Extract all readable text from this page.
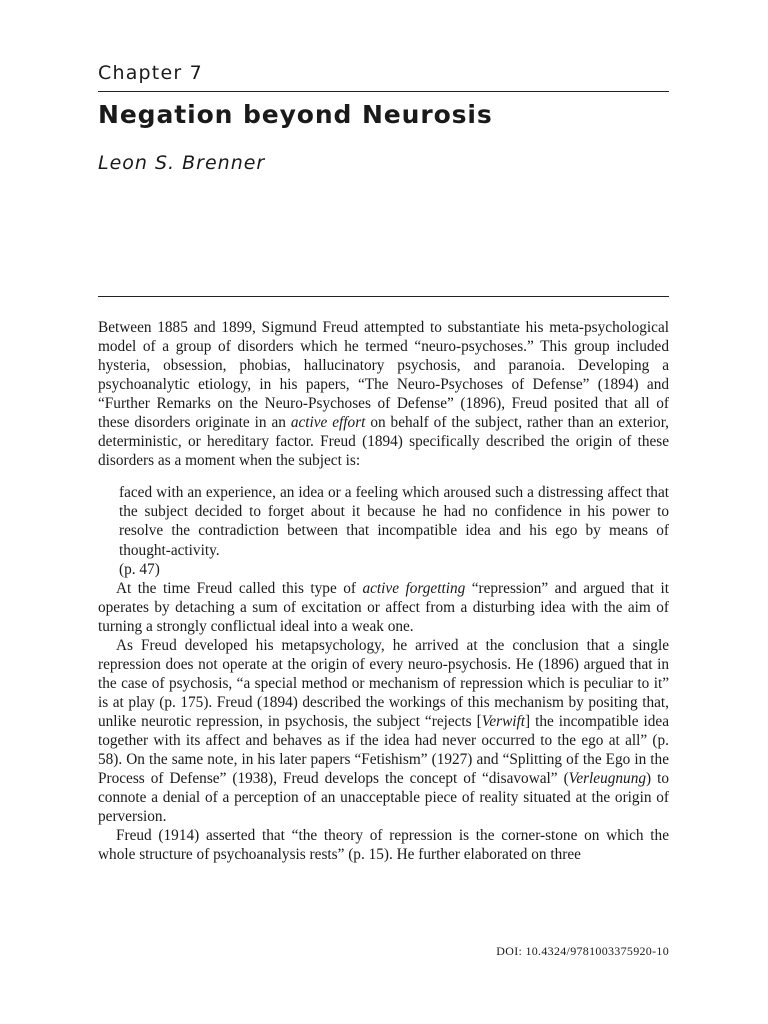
Chapter 7
Negation beyond Neurosis
Leon S. Brenner

Between 1885 and 1899, Sigmund Freud attempted to substantiate his meta-psychological model of a group of disorders which he termed “neuro-psychoses.” This group included hysteria, obsession, phobias, hallucinatory psychosis, and paranoia. Developing a psychoanalytic etiology, in his papers, “The Neuro-Psychoses of Defense” (1894) and “Further Remarks on the Neuro-Psychoses of Defense” (1896), Freud posited that all of these disorders originate in an active effort on behalf of the subject, rather than an exterior, deterministic, or hereditary factor. Freud (1894) specifically described the origin of these disorders as a moment when the subject is:

faced with an experience, an idea or a feeling which aroused such a distressing affect that the subject decided to forget about it because he had no confidence in his power to resolve the contradiction between that incompatible idea and his ego by means of thought-activity.

(p. 47)

At the time Freud called this type of active forgetting “repression” and argued that it operates by detaching a sum of excitation or affect from a disturbing idea with the aim of turning a strongly conflictual ideal into a weak one.

As Freud developed his metapsychology, he arrived at the conclusion that a single repression does not operate at the origin of every neuro-psychosis. He (1896) argued that in the case of psychosis, “a special method or mechanism of repression which is peculiar to it” is at play (p. 175). Freud (1894) described the workings of this mechanism by positing that, unlike neurotic repression, in psychosis, the subject “rejects [Verwift] the incompatible idea together with its affect and behaves as if the idea had never occurred to the ego at all” (p. 58). On the same note, in his later papers “Fetishism” (1927) and “Splitting of the Ego in the Process of Defense” (1938), Freud develops the concept of “disavowal” (Verleugnung) to connote a denial of a perception of an unacceptable piece of reality situated at the origin of perversion.

Freud (1914) asserted that “the theory of repression is the corner-stone on which the whole structure of psychoanalysis rests” (p. 15). He further elaborated on three

DOI: 10.4324/9781003375920-10
